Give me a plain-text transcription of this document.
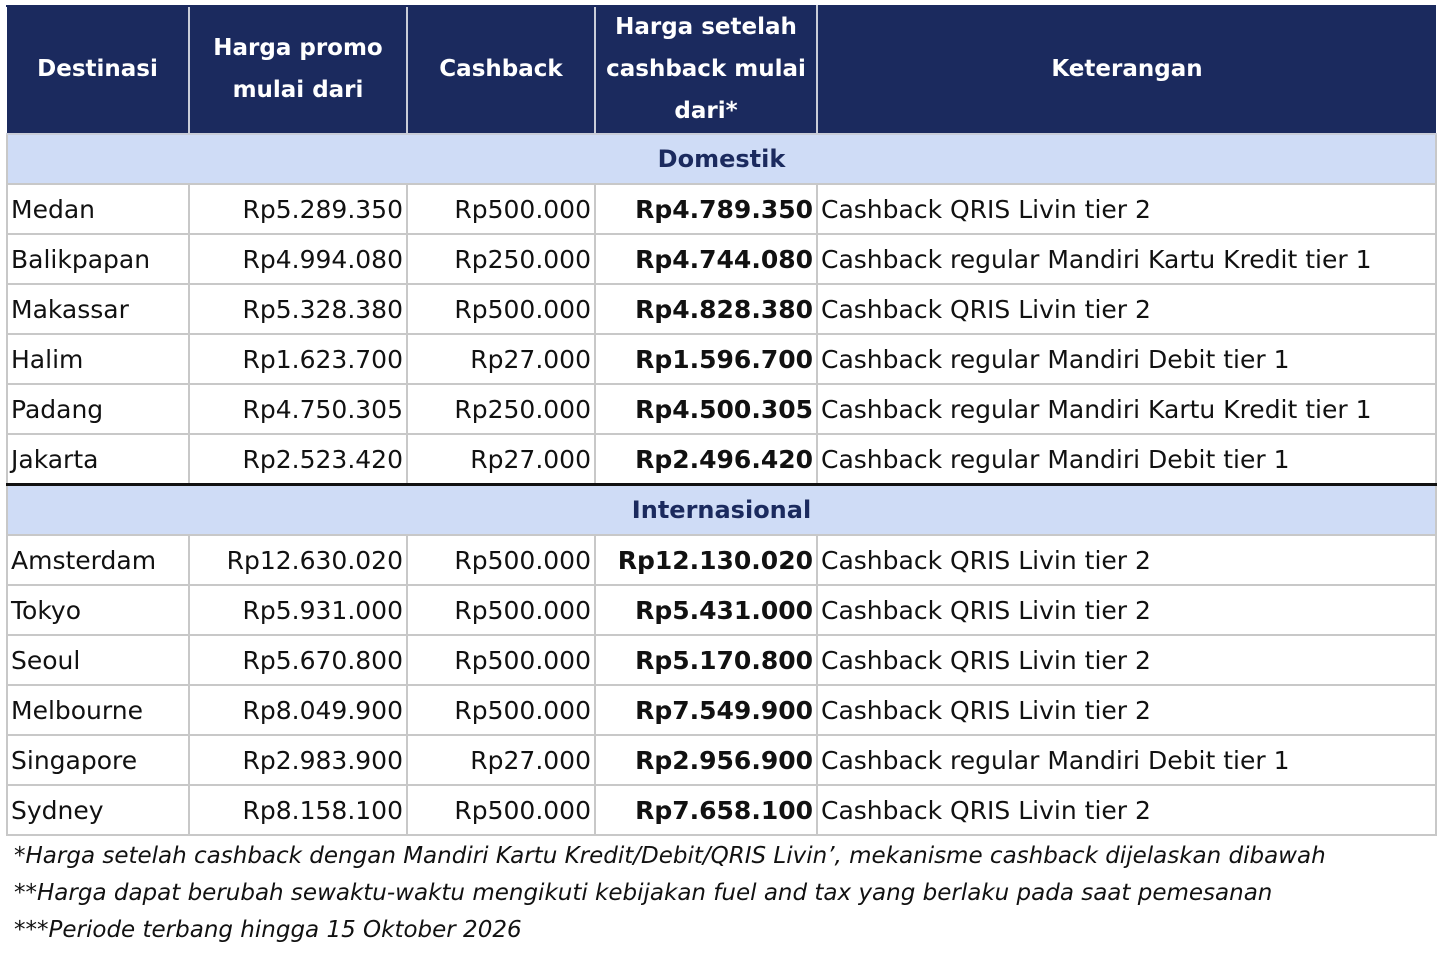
Destinasi	Harga promo mulai dari	Cashback	Harga setelah cashback mulai dari*	Keterangan
Domestik				
Medan	Rp5.289.350	Rp500.000	Rp4.789.350	Cashback QRIS Livin tier 2
Balikpapan	Rp4.994.080	Rp250.000	Rp4.744.080	Cashback regular Mandiri Kartu Kredit tier 1
Makassar	Rp5.328.380	Rp500.000	Rp4.828.380	Cashback QRIS Livin tier 2
Halim	Rp1.623.700	Rp27.000	Rp1.596.700	Cashback regular Mandiri Debit tier 1
Padang	Rp4.750.305	Rp250.000	Rp4.500.305	Cashback regular Mandiri Kartu Kredit tier 1
Jakarta	Rp2.523.420	Rp27.000	Rp2.496.420	Cashback regular Mandiri Debit tier 1
Internasional				
Amsterdam	Rp12.630.020	Rp500.000	Rp12.130.020	Cashback QRIS Livin tier 2
Tokyo	Rp5.931.000	Rp500.000	Rp5.431.000	Cashback QRIS Livin tier 2
Seoul	Rp5.670.800	Rp500.000	Rp5.170.800	Cashback QRIS Livin tier 2
Melbourne	Rp8.049.900	Rp500.000	Rp7.549.900	Cashback QRIS Livin tier 2
Singapore	Rp2.983.900	Rp27.000	Rp2.956.900	Cashback regular Mandiri Debit tier 1
Sydney	Rp8.158.100	Rp500.000	Rp7.658.100	Cashback QRIS Livin tier 2
*Harga setelah cashback dengan Mandiri Kartu Kredit/Debit/QRIS Livin’, mekanisme cashback dijelaskan dibawah
**Harga dapat berubah sewaktu-waktu mengikuti kebijakan fuel and tax yang berlaku pada saat pemesanan
***Periode terbang hingga 15 Oktober 2026
